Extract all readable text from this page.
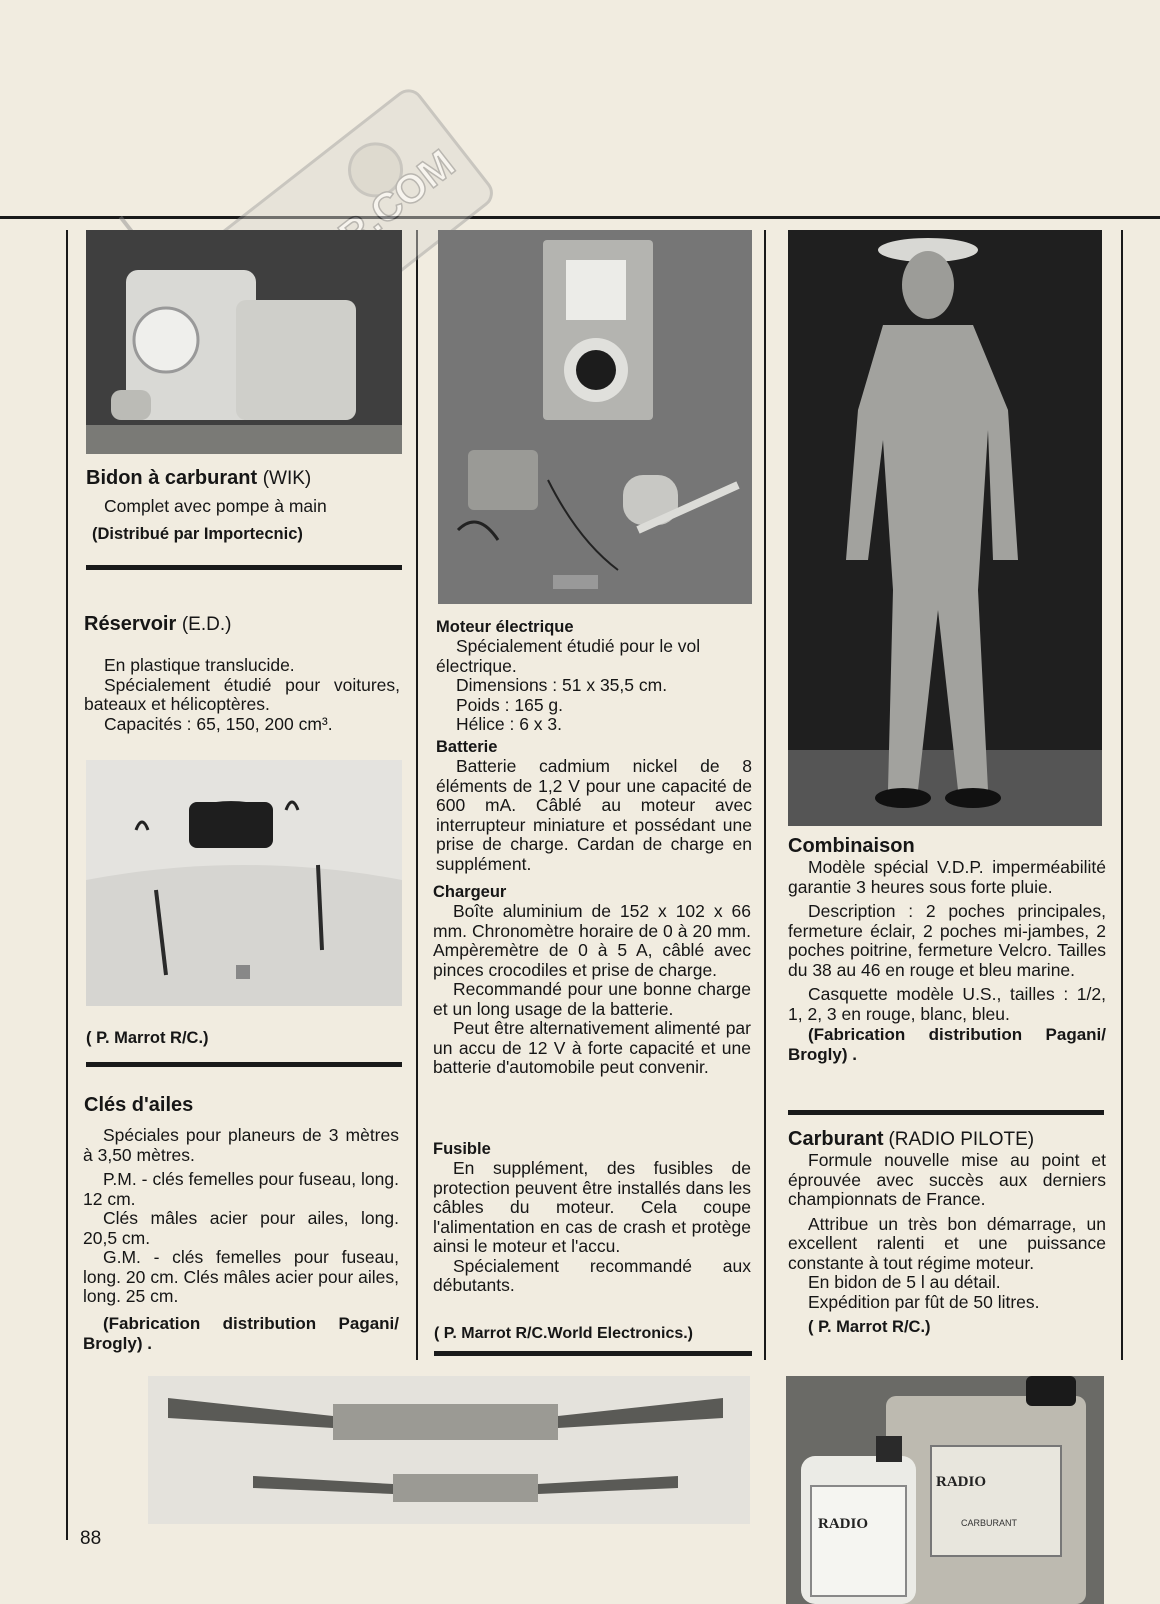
Bidon à carburant (WIK)
Complet avec pompe à main
(Distribué par Importecnic)
Réservoir (E.D.)

En plastique translucide.

Spécialement étudié pour voitures, bateaux et hélicoptères.

Capacités : 65, 150, 200 cm³.

( P. Marrot R/C.)
Clés d'ailes

Spéciales pour planeurs de 3 mètres à 3,50 mètres.

P.M. - clés femelles pour fuseau, long. 12 cm.

Clés mâles acier pour ailes, long. 20,5 cm.

G.M. - clés femelles pour fuseau, long. 20 cm. Clés mâles acier pour ailes, long. 25 cm.

(Fabrication distribution Pagani/ Brogly) .

Moteur électrique

Spécialement étudié pour le vol électrique.

Dimensions : 51 x 35,5 cm.

Poids : 165 g.

Hélice : 6 x 3.

Batterie

Batterie cadmium nickel de 8 éléments de 1,2 V pour une capacité de 600 mA. Câblé au moteur avec interrupteur miniature et possédant une prise de charge. Cardan de charge en supplément.

Chargeur

Boîte aluminium de 152 x 102 x 66 mm. Chronomètre horaire de 0 à 20 mm. Ampèremètre de 0 à 5 A, câblé avec pinces crocodiles et prise de charge.

Recommandé pour une bonne charge et un long usage de la batterie.

Peut être alternativement alimenté par un accu de 12 V à forte capacité et une batterie d'automobile peut convenir.

Fusible

En supplément, des fusibles de protection peuvent être installés dans les câbles du moteur. Cela coupe l'alimentation en cas de crash et protège ainsi le moteur et l'accu.

Spécialement recommandé aux débutants.

( P. Marrot R/C.World Electronics.)

Combinaison

Modèle spécial V.D.P. imperméabilité garantie 3 heures sous forte pluie.

Description : 2 poches principales, fermeture éclair, 2 poches mi-jambes, 2 poches poitrine, fermeture Velcro. Tailles du 38 au 46 en rouge et bleu marine.

Casquette modèle U.S., tailles : 1/2, 1, 2, 3 en rouge, blanc, bleu.

(Fabrication distribution Pagani/ Brogly) .

Carburant (RADIO PILOTE)

Formule nouvelle mise au point et éprouvée avec succès aux derniers championnats de France.

Attribue un très bon démarrage, un excellent ralenti et une puissance constante à tout régime moteur.

En bidon de 5 l au détail.

Expédition par fût de 50 litres.

( P. Marrot R/C.)

RADIO
CARBURANT
RADIO
88
